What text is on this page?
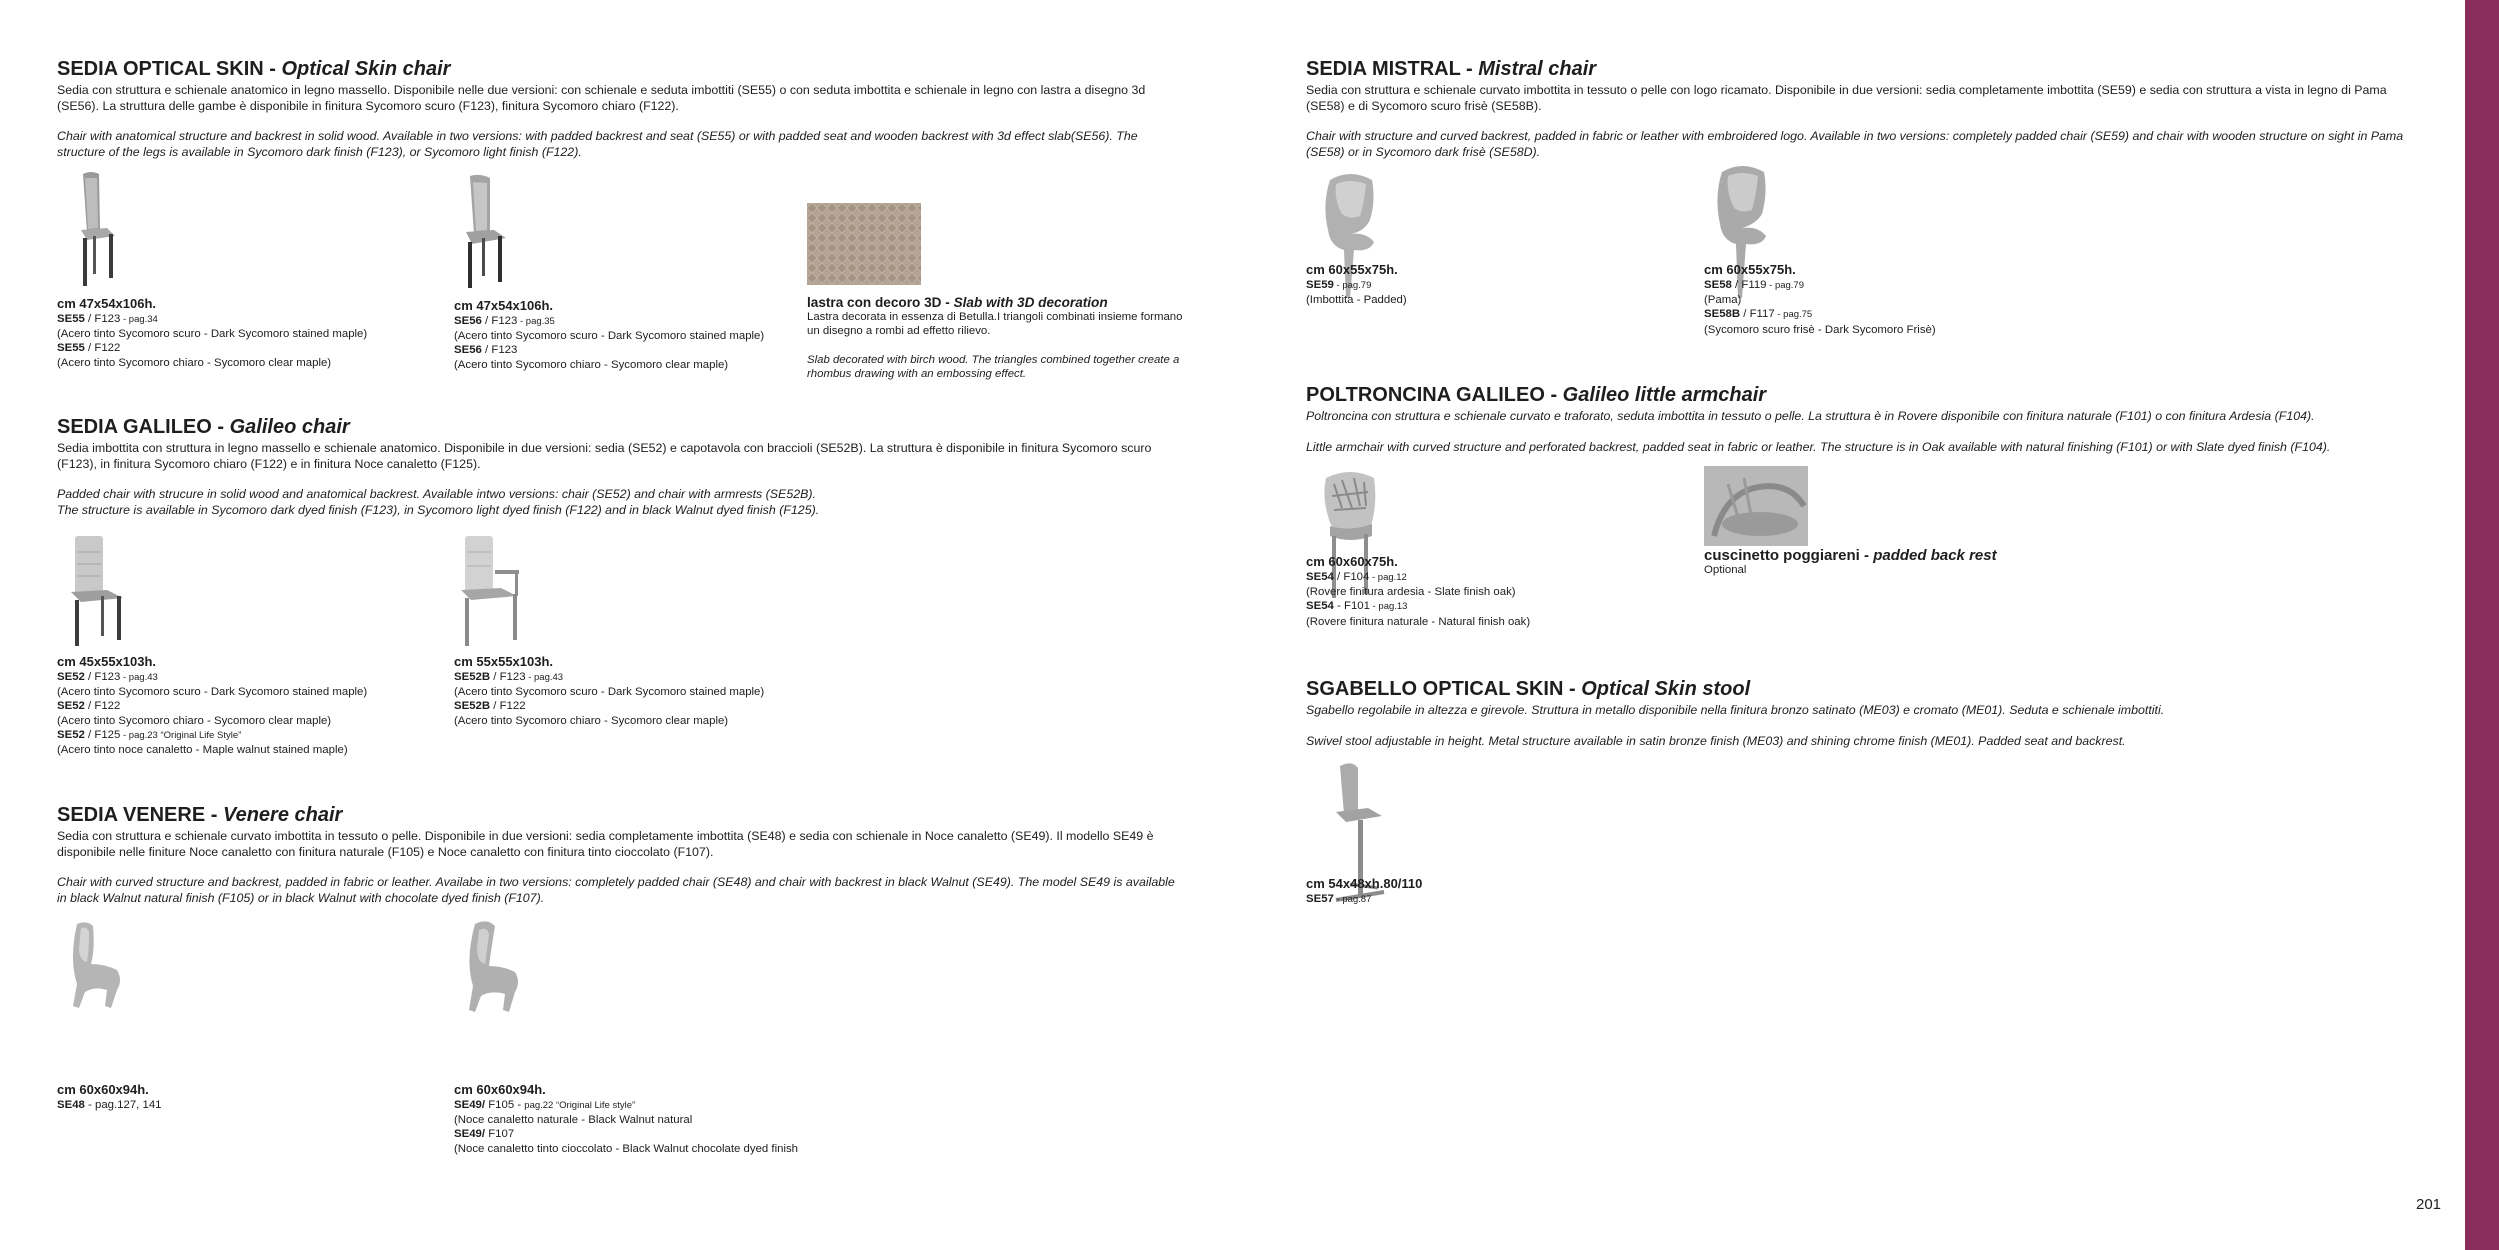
SEDIA OPTICAL SKIN - Optical Skin chair

Sedia con struttura e schienale anatomico in legno massello. Disponibile nelle due versioni: con schienale e seduta imbottiti (SE55) o con seduta imbottita e schienale in legno con lastra a disegno 3d (SE56). La struttura delle gambe è disponibile in finitura Sycomoro scuro (F123), finitura Sycomoro chiaro (F122).

Chair with anatomical structure and backrest in solid wood. Available in two versions: with padded backrest and seat (SE55) or with padded seat and wooden backrest with 3d effect slab(SE56). The structure of the legs is available in Sycomoro dark finish (F123), or Sycomoro light finish (F122).

cm 47x54x106h.
SE55 / F123 - pag.34
(Acero tinto Sycomoro scuro - Dark Sycomoro stained maple)
SE55 / F122
(Acero tinto Sycomoro chiaro - Sycomoro clear maple)
cm 47x54x106h.
SE56 / F123 - pag.35
(Acero tinto Sycomoro scuro - Dark Sycomoro stained maple)
SE56 / F123
(Acero tinto Sycomoro chiaro - Sycomoro clear maple)
lastra con decoro 3D - Slab with 3D decoration
Lastra decorata in essenza di Betulla.I triangoli combinati insieme formano un disegno a rombi ad effetto rilievo.
Slab decorated with birch wood. The triangles combined together create a rhombus drawing with an embossing effect.
SEDIA GALILEO - Galileo chair

Sedia imbottita con struttura in legno massello e schienale anatomico. Disponibile in due versioni: sedia (SE52) e capotavola con braccioli (SE52B). La struttura è disponibile in finitura Sycomoro scuro (F123), in finitura Sycomoro chiaro (F122) e in finitura Noce canaletto (F125).

Padded chair with strucure in solid wood and anatomical backrest. Available intwo versions: chair (SE52) and chair with armrests (SE52B).

The structure is available in Sycomoro dark dyed finish (F123), in Sycomoro light dyed finish (F122) and in black Walnut dyed finish (F125).

cm 45x55x103h.
SE52 / F123 - pag.43
(Acero tinto Sycomoro scuro - Dark Sycomoro stained maple)
SE52 / F122
(Acero tinto Sycomoro chiaro - Sycomoro clear maple)
SE52 / F125 - pag.23 “Original Life Style”
(Acero tinto noce canaletto - Maple walnut stained maple)
cm 55x55x103h.
SE52B / F123 - pag.43
(Acero tinto Sycomoro scuro - Dark Sycomoro stained maple)
SE52B / F122
(Acero tinto Sycomoro chiaro - Sycomoro clear maple)
SEDIA VENERE - Venere chair

Sedia con struttura e schienale curvato imbottita in tessuto o pelle. Disponibile in due versioni: sedia completamente imbottita (SE48) e sedia con schienale in Noce canaletto (SE49). Il modello SE49 è disponibile nelle finiture Noce canaletto con finitura naturale (F105) e Noce canaletto con finitura tinto cioccolato (F107).

Chair with curved structure and backrest, padded in fabric or leather. Availabe in two versions: completely padded chair (SE48) and chair with backrest in black Walnut (SE49). The model SE49 is available in black Walnut natural finish (F105) or in black Walnut with chocolate dyed finish (F107).

cm 60x60x94h.
SE48 - pag.127, 141
cm 60x60x94h.
SE49/ F105 - pag.22 “Original Life style”
(Noce canaletto naturale - Black Walnut natural
SE49/ F107
(Noce canaletto tinto cioccolato - Black Walnut chocolate dyed finish
SEDIA MISTRAL - Mistral chair

Sedia con struttura e schienale curvato imbottita in tessuto o pelle con logo ricamato. Disponibile in due versioni: sedia completamente imbottita (SE59) e sedia con struttura a vista in legno di Pama (SE58) e di Sycomoro scuro frisè (SE58B).

Chair with structure and curved backrest, padded in fabric or leather with embroidered logo. Available in two versions: completely padded chair (SE59) and chair with wooden structure on sight in Pama (SE58) or in Sycomoro dark frisè (SE58D).

cm 60x55x75h.
SE59 - pag.79
(Imbottita - Padded)
cm 60x55x75h.
SE58 / F119 - pag.79
(Pama)
SE58B / F117 - pag.75
(Sycomoro scuro frisè - Dark Sycomoro Frisè)
POLTRONCINA GALILEO - Galileo little armchair

Poltroncina con struttura e schienale curvato e traforato, seduta imbottita in tessuto o pelle. La struttura è in Rovere disponibile con finitura naturale (F101) o con finitura Ardesia (F104).

Little armchair with curved structure and perforated backrest, padded seat in fabric or leather. The structure is in Oak available with natural finishing (F101) or with Slate dyed finish (F104).

cm 60x60x75h.
SE54 / F104 - pag.12
(Rovere finitura ardesia - Slate finish oak)
SE54 - F101 - pag.13
(Rovere finitura naturale - Natural finish oak)
cuscinetto poggiareni - padded back rest
Optional
SGABELLO OPTICAL SKIN - Optical Skin stool

Sgabello regolabile in altezza e girevole. Struttura in metallo disponibile nella finitura bronzo satinato (ME03) e cromato (ME01). Seduta e schienale imbottiti.

Swivel stool adjustable in height. Metal structure available in satin bronze finish (ME03) and shining chrome finish (ME01). Padded seat and backrest.

cm 54x48xh.80/110
SE57 - pag.87
201
